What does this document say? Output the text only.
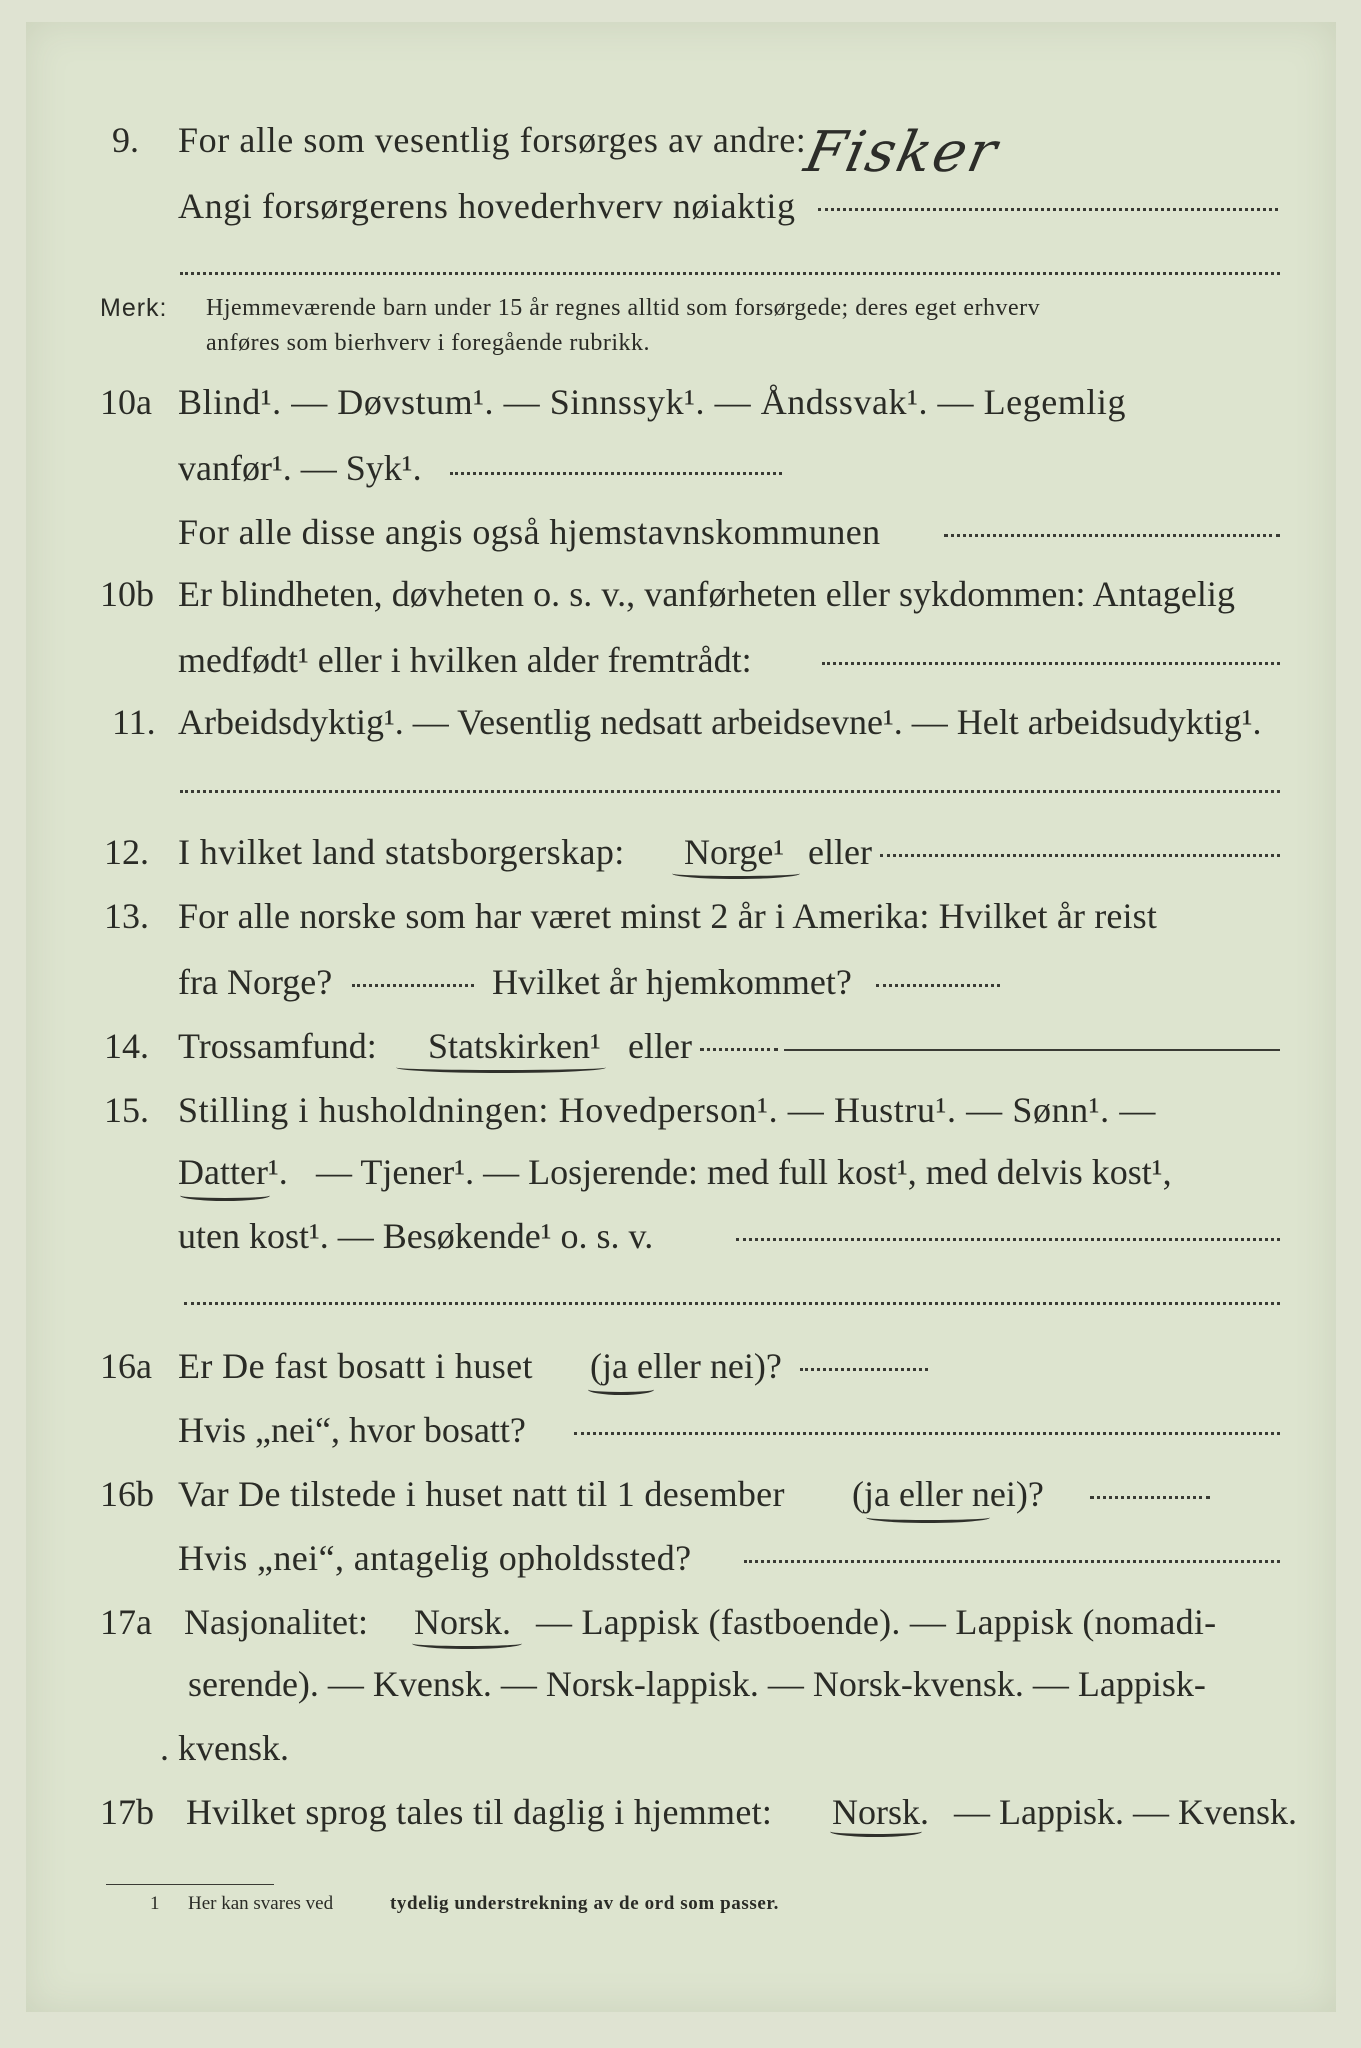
9. For alle som vesentlig forsørges av andre:
Angi forsørgerens hovederhverv nøiaktig
Fisker
Merk: Hjemmeværende barn under 15 år regnes alltid som forsørgede; deres eget erhverv
anføres som bierhverv i foregående rubrikk.
10a Blind¹. — Døvstum¹. — Sinnssyk¹. — Åndssvak¹. — Legemlig
vanfør¹. — Syk¹.
For alle disse angis også hjemstavnskommunen
10b Er blindheten, døvheten o. s. v., vanførheten eller sykdommen: Antagelig
medfødt¹ eller i hvilken alder fremtrådt:
11. Arbeidsdyktig¹. — Vesentlig nedsatt arbeidsevne¹. — Helt arbeidsudyktig¹.
12. I hvilket land statsborgerskap: Norge¹ eller
13. For alle norske som har været minst 2 år i Amerika: Hvilket år reist
fra Norge?	Hvilket år hjemkommet?
14. Trossamfund: Statskirken¹ eller
15. Stilling i husholdningen: Hovedperson¹. — Hustru¹. — Sønn¹. —
Datter¹. — Tjener¹. — Losjerende: med full kost¹, med delvis kost¹,
uten kost¹. — Besøkende¹ o. s. v.
16a Er De fast bosatt i huset (ja eller nei)?
Hvis „nei“, hvor bosatt?
16b Var De tilstede i huset natt til 1 desember (ja eller nei)?
Hvis „nei“, antagelig opholdssted?
17a Nasjonalitet: Norsk. — Lappisk (fastboende). — Lappisk (nomadi-
serende). — Kvensk. — Norsk-lappisk. — Norsk-kvensk. — Lappisk-
. kvensk.
17b Hvilket sprog tales til daglig i hjemmet: Norsk. — Lappisk. — Kvensk.
1 Her kan svares ved	tydelig understrekning av de ord som passer.
